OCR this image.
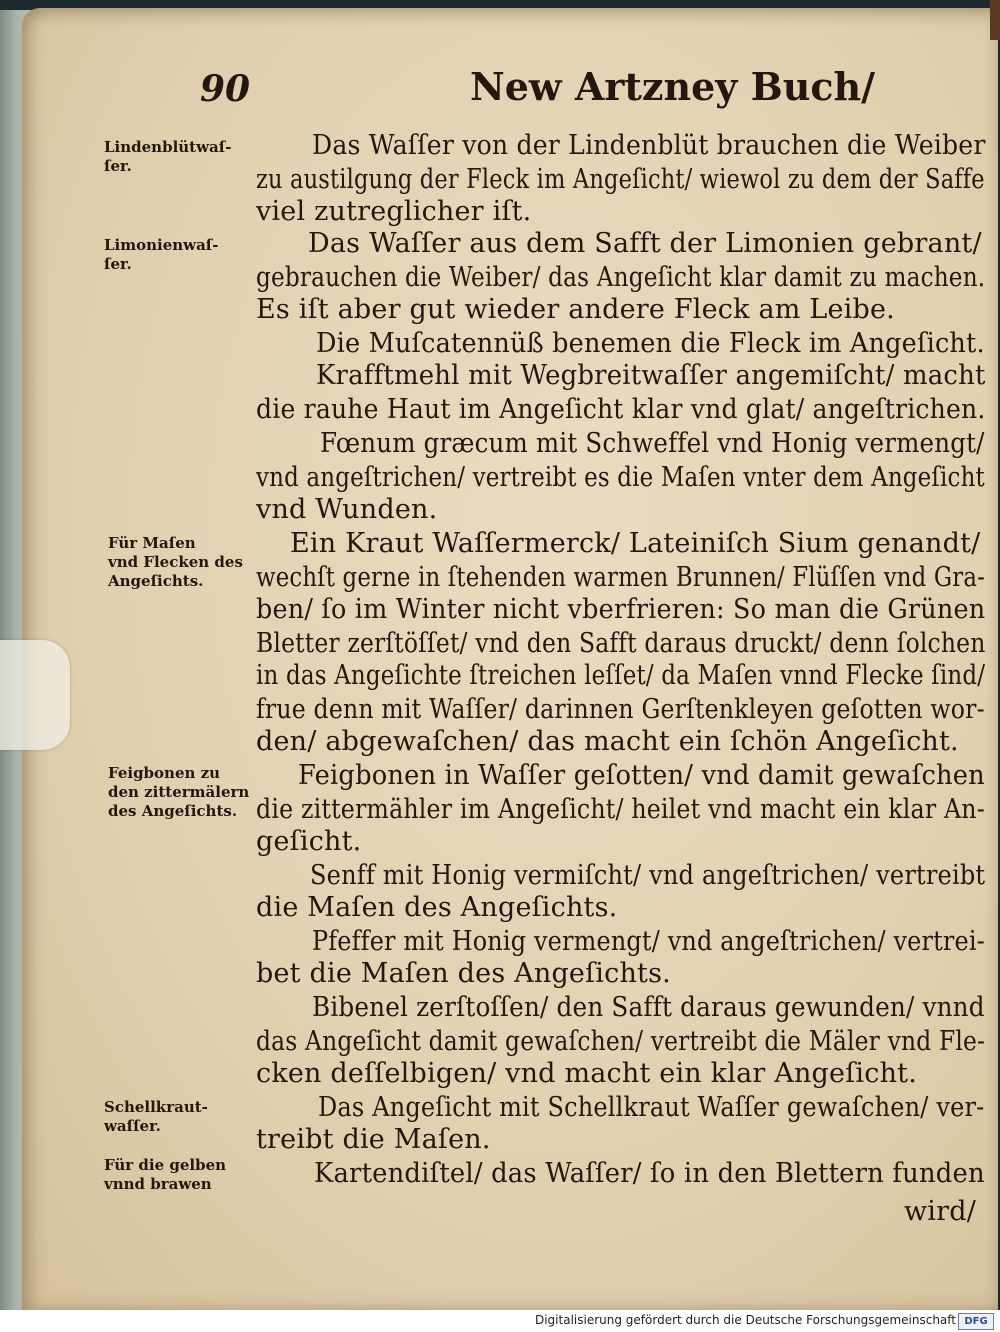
90	New Artzney Buch/
Lindenblütwaſ-
ſer.
Limonienwaſ-
ſer.
Für Maſen
vnd Flecken des
Angeſichts.
Feigbonen zu
den zittermälern
des Angeſichts.
Schellkraut-
waſſer.
Für die gelben
vnnd brawen
Das Waſſer von der Lindenblüt brauchen die Weiber
zu austilgung der Fleck im Angeſicht/ wiewol zu dem der Saffe
viel zutreglicher iſt.
Das Waſſer aus dem Safft der Limonien gebrant/
gebrauchen die Weiber/ das Angeſicht klar damit zu machen.
Es iſt aber gut wieder andere Fleck am Leibe.
Die Muſcatennüß benemen die Fleck im Angeſicht.
Krafftmehl mit Wegbreitwaſſer angemiſcht/ macht
die rauhe Haut im Angeſicht klar vnd glat/ angeſtrichen.
Fœnum græcum mit Schweffel vnd Honig vermengt/
vnd angeſtrichen/ vertreibt es die Maſen vnter dem Angeſicht
vnd Wunden.
Ein Kraut Waſſermerck/ Lateiniſch Sium genandt/
wechſt gerne in ſtehenden warmen Brunnen/ Flüſſen vnd Gra-
ben/ ſo im Winter nicht vberfrieren: So man die Grünen
Bletter zerſtöſſet/ vnd den Safft daraus druckt/ denn ſolchen
in das Angeſichte ſtreichen leſſet/ da Maſen vnnd Flecke ſind/
frue denn mit Waſſer/ darinnen Gerſtenkleyen geſotten wor-
den/ abgewaſchen/ das macht ein ſchön Angeſicht.
Feigbonen in Waſſer geſotten/ vnd damit gewaſchen
die zittermähler im Angeſicht/ heilet vnd macht ein klar An-
geſicht.
Senff mit Honig vermiſcht/ vnd angeſtrichen/ vertreibt
die Maſen des Angeſichts.
Pfeffer mit Honig vermengt/ vnd angeſtrichen/ vertrei-
bet die Maſen des Angeſichts.
Bibenel zerſtoſſen/ den Safft daraus gewunden/ vnnd
das Angeſicht damit gewaſchen/ vertreibt die Mäler vnd Fle-
cken deſſelbigen/ vnd macht ein klar Angeſicht.
Das Angeſicht mit Schellkraut Waſſer gewaſchen/ ver-
treibt die Maſen.
Kartendiſtel/ das Waſſer/ ſo in den Blettern funden
wird/
Digitalisierung gefördert durch die Deutsche Forschungsgemeinschaft DFG
